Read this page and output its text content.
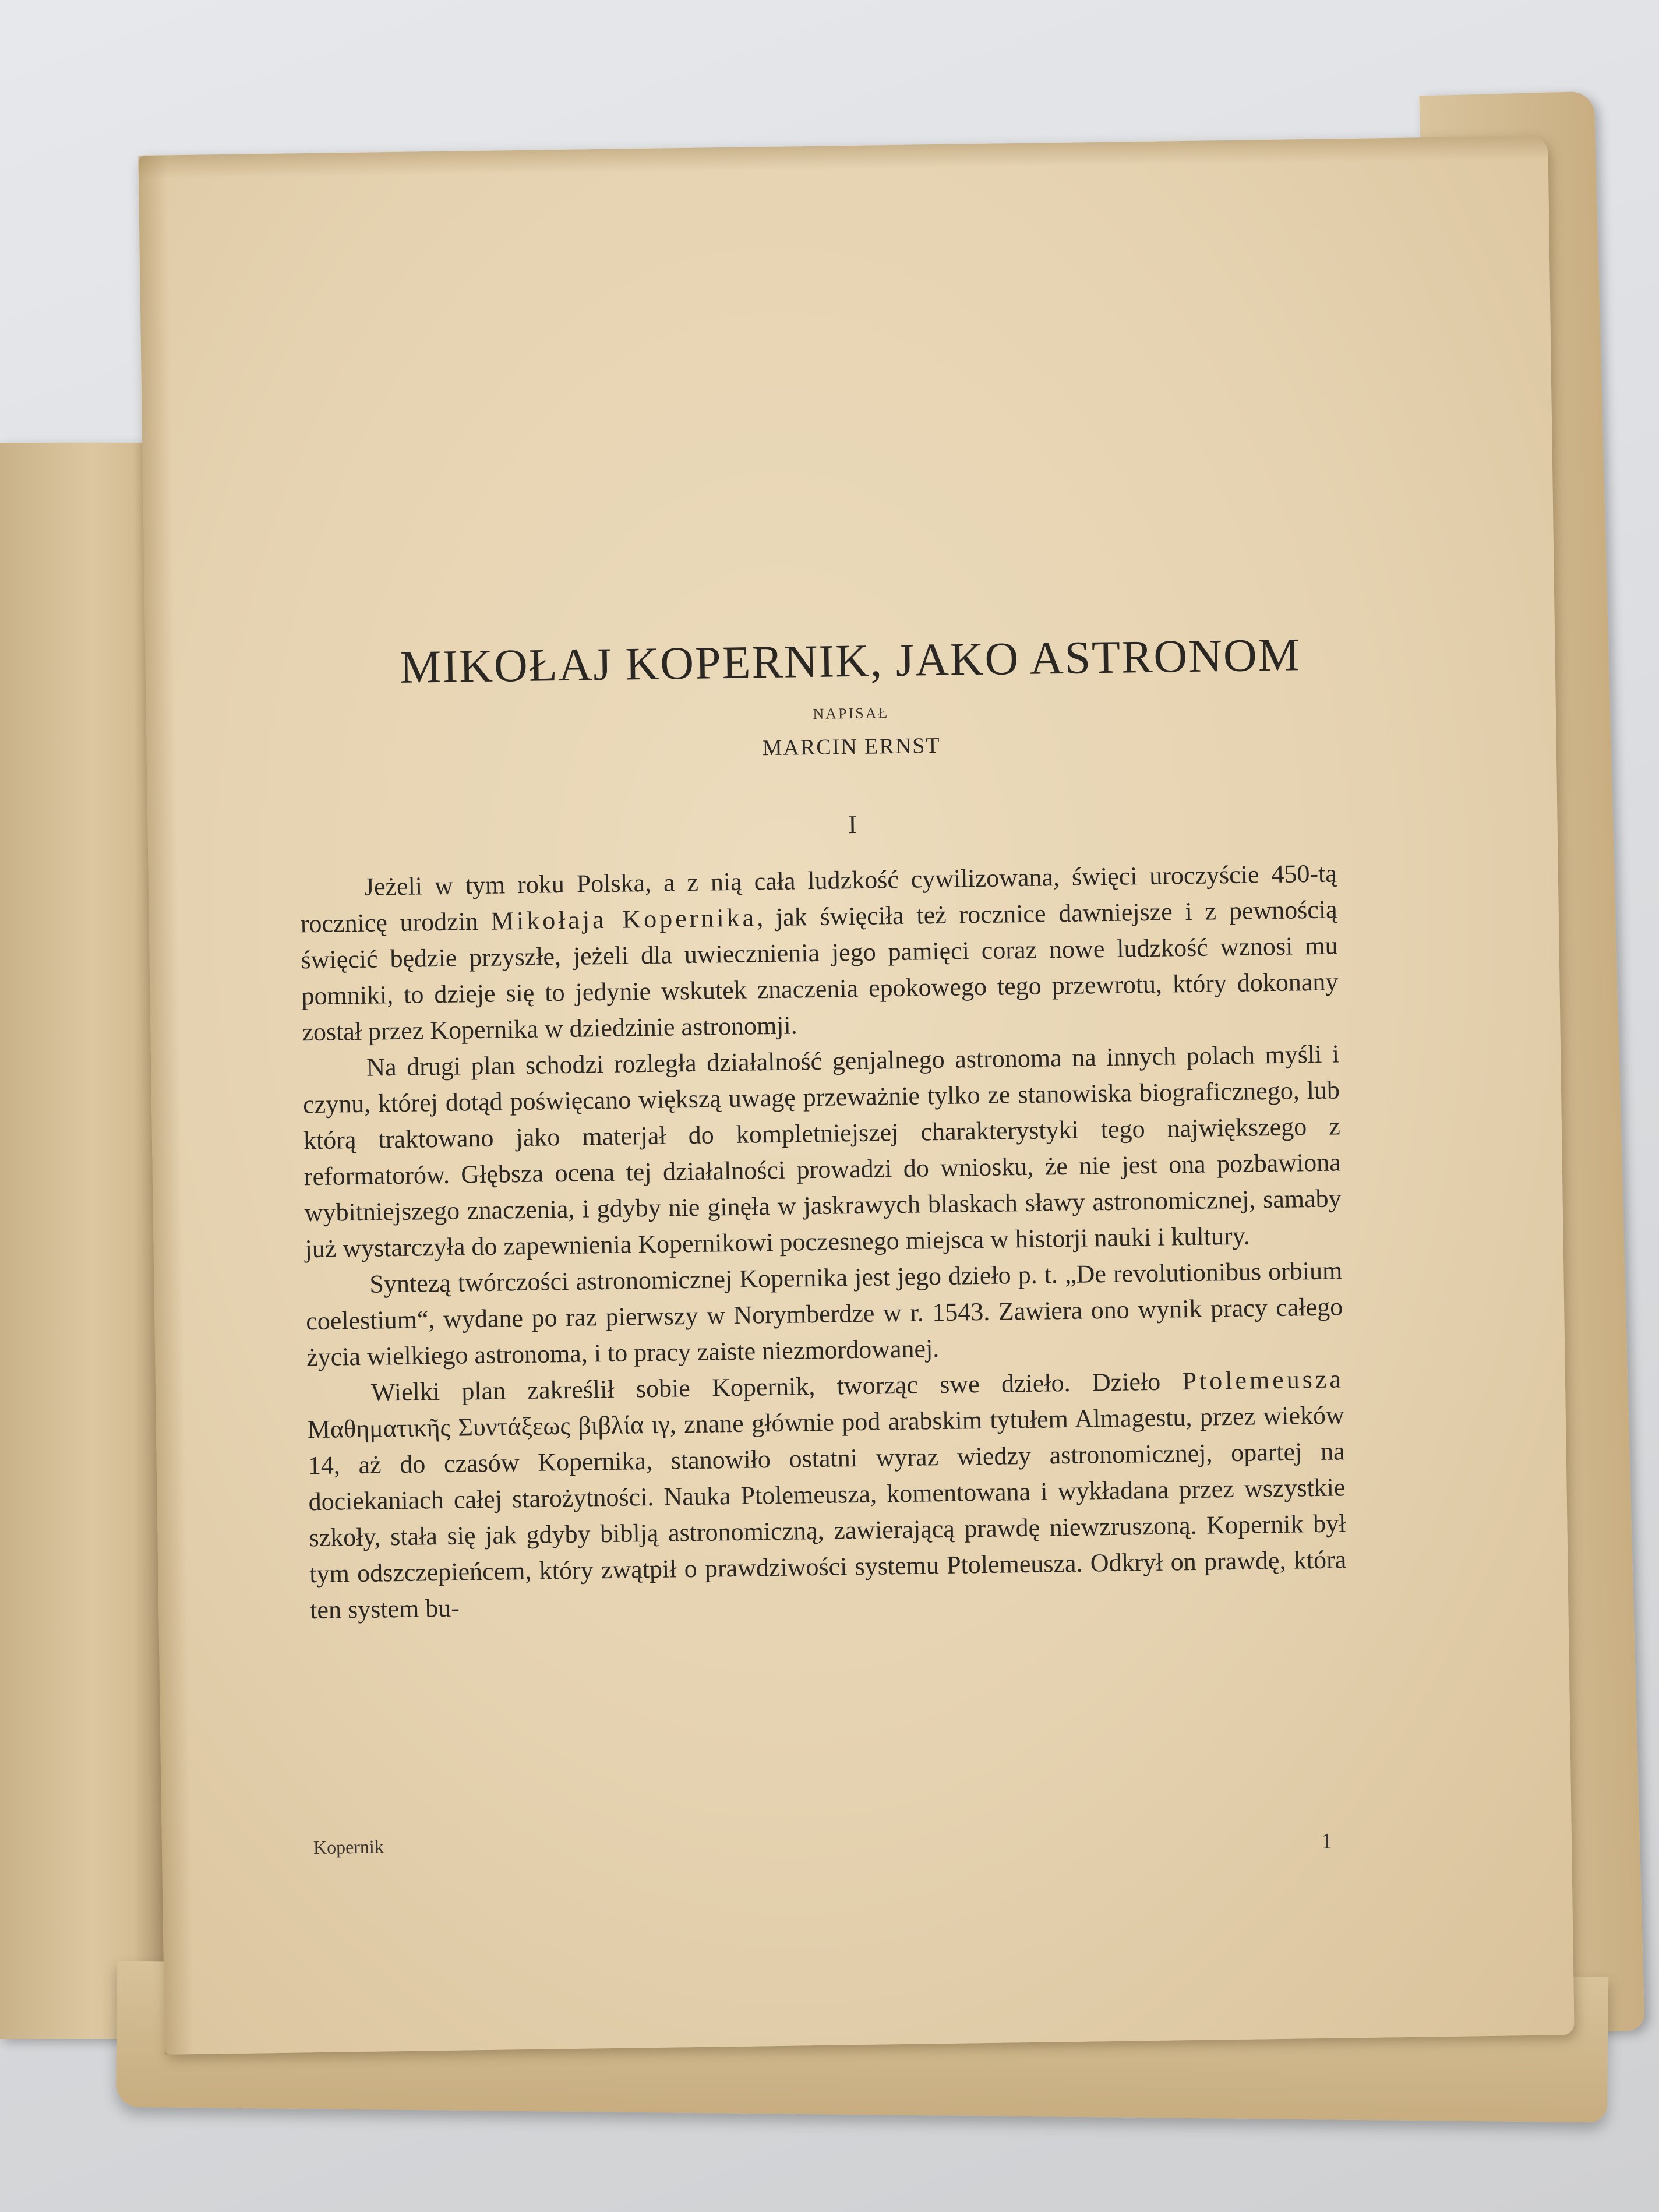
MIKOŁAJ KOPERNIK, JAKO ASTRONOM
NAPISAŁ
MARCIN ERNST
I

Jeżeli w tym roku Polska, a z nią cała ludzkość cywilizowana, święci uroczyście 450-tą rocznicę urodzin Mikołaja Kopernika, jak święciła też rocznice dawniejsze i z pewnością święcić będzie przyszłe, jeżeli dla uwiecznienia jego pamięci coraz nowe ludzkość wznosi mu pomniki, to dzieje się to jedynie wskutek znaczenia epokowego tego przewrotu, który dokonany został przez Kopernika w dziedzinie astronomji.

Na drugi plan schodzi rozległa działalność genjalnego astronoma na innych polach myśli i czynu, której dotąd poświęcano większą uwagę przeważnie tylko ze stanowiska biograficznego, lub którą traktowano jako materjał do kompletniejszej charakterystyki tego największego z reformatorów. Głębsza ocena tej działalności prowadzi do wniosku, że nie jest ona pozbawiona wybitniejszego znaczenia, i gdyby nie ginęła w jaskrawych blaskach sławy astronomicznej, samaby już wystarczyła do zapewnienia Kopernikowi poczesnego miejsca w historji nauki i kultury.

Syntezą twórczości astronomicznej Kopernika jest jego dzieło p. t. „De revolutionibus orbium coelestium“, wydane po raz pierwszy w Norymberdze w r. 1543. Zawiera ono wynik pracy całego życia wielkiego astronoma, i to pracy zaiste niezmordowanej.

Wielki plan zakreślił sobie Kopernik, tworząc swe dzieło. Dzieło Ptolemeusza Μαθηματικῆς Συντάξεως βιβλία ιγ, znane głównie pod arabskim tytułem Almagestu, przez wieków 14, aż do czasów Kopernika, stanowiło ostatni wyraz wiedzy astronomicznej, opartej na dociekaniach całej starożytności. Nauka Ptolemeusza, komentowana i wykładana przez wszystkie szkoły, stała się jak gdyby biblją astronomiczną, zawierającą prawdę niewzruszoną. Kopernik był tym odszczepieńcem, który zwątpił o prawdziwości systemu Ptolemeusza. Odkrył on prawdę, która ten system bu-

Kopernik	1
